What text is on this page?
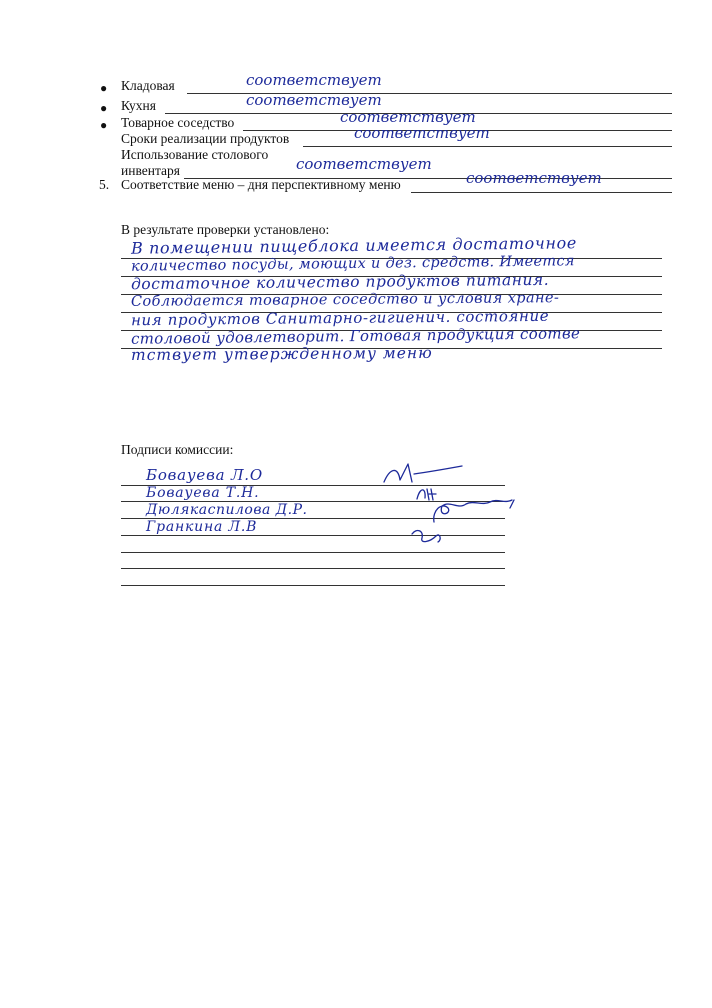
● Кладовая	соответствует
● Кухня	соответствует
● Товарное соседство	соответствует
Сроки реализации продуктов	соответствует
Использование столового
инвентаря	соответствует
5. Соответствие меню – дня перспективному меню	соответствует
В результате проверки установлено:
В помещении пищеблока имеется достаточное
количество посуды, моющих и дез. средств. Имеется
достаточное количество продуктов питания.
Соблюдается товарное соседство и условия хране-
ния продуктов Санитарно-гигиенич. состояние
столовой удовлетворит. Готовая продукция соотве
тствует утвержденному меню
Подписи комиссии:
Бовауева Л.О
Бовауева Т.Н.
Дюлякаспилова Д.Р.
Гранкина Л.В
